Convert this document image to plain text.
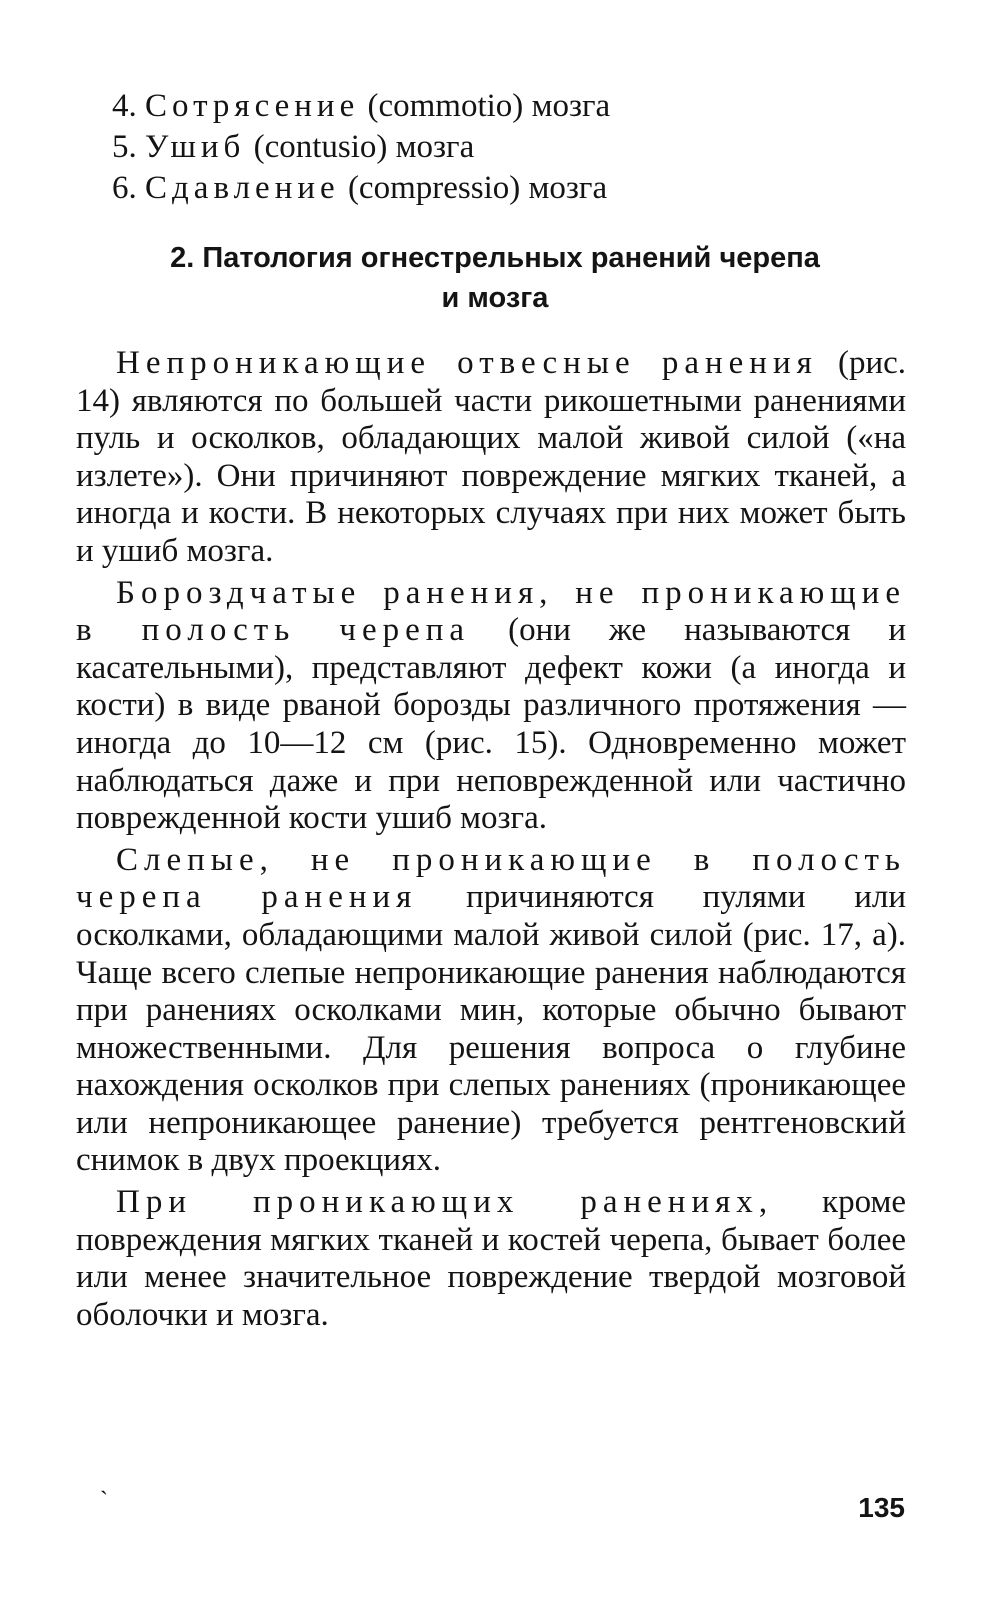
4. Сотрясение (commotio) мозга
5. Ушиб (contusio) мозга
6. Сдавление (compressio) мозга
2. Патология огнестрельных ранений черепа
и мозга

Непроникающие отвесные ранения (рис. 14) являются по большей части рикошетными ранениями пуль и осколков, обладающих малой живой силой («на излете»). Они причиняют повреждение мягких тканей, а иногда и кости. В некоторых случаях при них может быть и ушиб мозга.

Бороздчатые ранения, не проникающие в полость черепа (они же называются и касательными), представляют дефект кожи (а иногда и кости) в виде рваной борозды различного протяжения — иногда до 10—12 см (рис. 15). Одновременно может наблюдаться даже и при неповрежденной или частично поврежденной кости ушиб мозга.

Слепые, не проникающие в полость черепа ранения причиняются пулями или осколками, обладающими малой живой силой (рис. 17, а). Чаще всего слепые непроникающие ранения наблюдаются при ранениях осколками мин, которые обычно бывают множественными. Для решения вопроса о глубине нахождения осколков при слепых ранениях (проникающее или непроникающее ранение) требуется рентгеновский снимок в двух проекциях.

При проникающих ранениях, кроме повреждения мягких тканей и костей черепа, бывает более или менее значительное повреждение твердой мозговой оболочки и мозга.

`	135
